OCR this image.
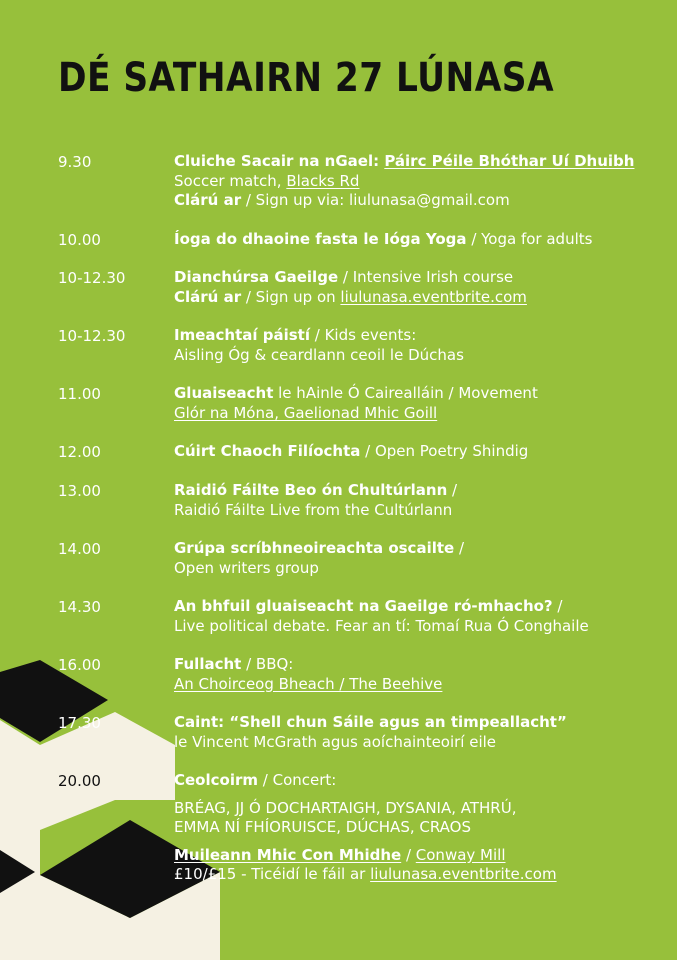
DÉ SATHAIRN 27 LÚNASA
9.30	Cluiche Sacair na nGael: Páirc Péile Bhóthar Uí Dhuibh
Soccer match, Blacks Rd
Clárú ar / Sign up via: liulunasa@gmail.com
10.00	Íoga do dhaoine fasta le Ióga Yoga / Yoga for adults
10-12.30	Dianchúrsa Gaeilge / Intensive Irish course
Clárú ar / Sign up on liulunasa.eventbrite.com
10-12.30	Imeachtaí páistí / Kids events:
Aisling Óg & ceardlann ceoil le Dúchas
11.00	Gluaiseacht le hAinle Ó Cairealláin / Movement
Glór na Móna, Gaelionad Mhic Goill
12.00	Cúirt Chaoch Filíochta / Open Poetry Shindig
13.00	Raidió Fáilte Beo ón Chultúrlann /
Raidió Fáilte Live from the Cultúrlann
14.00	Grúpa scríbhneoireachta oscailte /
Open writers group
14.30	An bhfuil gluaiseacht na Gaeilge ró-mhacho? /
Live political debate. Fear an tí: Tomaí Rua Ó Conghaile
16.00	Fullacht / BBQ:
An Choirceog Bheach / The Beehive
17.30	Caint: “Shell chun Sáile agus an timpeallacht”
le Vincent McGrath agus aoíchainteoirí eile
20.00	Ceolcoirm / Concert:
BRÉAG, JJ Ó DOCHARTAIGH, DYSANIA, ATHRÚ,
EMMA NÍ FHÍORUISCE, DÚCHAS, CRAOS
Muileann Mhic Con Mhidhe / Conway Mill
£10/£15 - Ticéidí le fáil ar liulunasa.eventbrite.com
